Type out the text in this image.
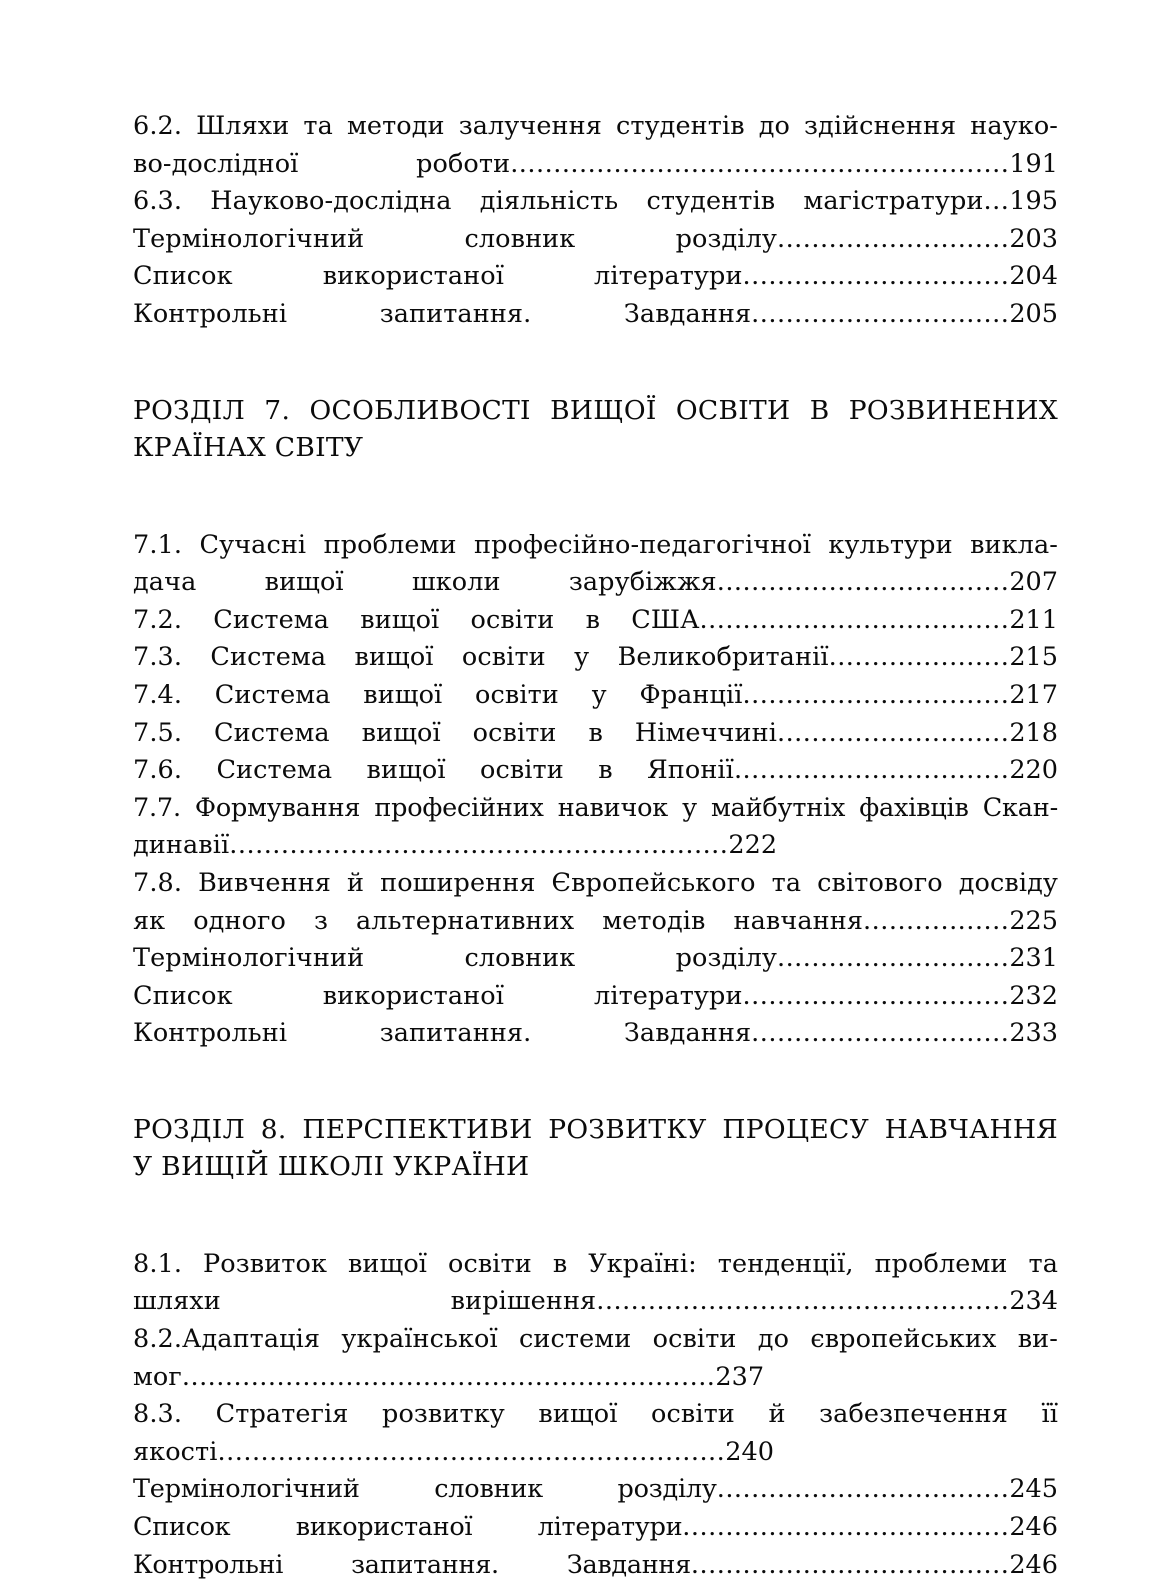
6.2. Шляхи та методи залучення студентів до здійснення науко-
во-дослідної роботи..........................................................191
6.3. Науково-дослідна діяльність студентів магістратури...195
Термінологічний словник розділу...........................203
Список використаної літератури...............................204
Контрольні запитання. Завдання..............................205
РОЗДІЛ 7. ОСОБЛИВОСТІ ВИЩОЇ ОСВІТИ В РОЗВИНЕНИХ
КРАЇНАХ СВІТУ
7.1. Сучасні проблеми професійно-педагогічної культури викла-
дача вищої школи зарубіжжя..................................207
7.2. Система вищої освіти в США....................................211
7.3. Система вищої освіти у Великобританії.....................215
7.4. Система вищої освіти у Франції...............................217
7.5. Система вищої освіти в Німеччині...........................218
7.6. Система вищої освіти в Японії................................220
7.7. Формування професійних навичок у майбутніх фахівців Скан-
динавії..........................................................222
7.8. Вивчення й поширення Європейського та світового досвіду
як одного з альтернативних методів навчання.................225
Термінологічний словник розділу...........................231
Список використаної літератури...............................232
Контрольні запитання. Завдання..............................233
РОЗДІЛ 8. ПЕРСПЕКТИВИ РОЗВИТКУ ПРОЦЕСУ НАВЧАННЯ
У ВИЩІЙ ШКОЛІ УКРАЇНИ
8.1. Розвиток вищої освіти в Україні: тенденції, проблеми та
шляхи вирішення................................................234
8.2.Адаптація української системи освіти до європейських ви-
мог..............................................................237
8.3. Стратегія розвитку вищої освіти й забезпечення її
якості...........................................................240
Термінологічний словник розділу..................................245
Список використаної літератури......................................246
Контрольні запитання. Завдання.....................................246
